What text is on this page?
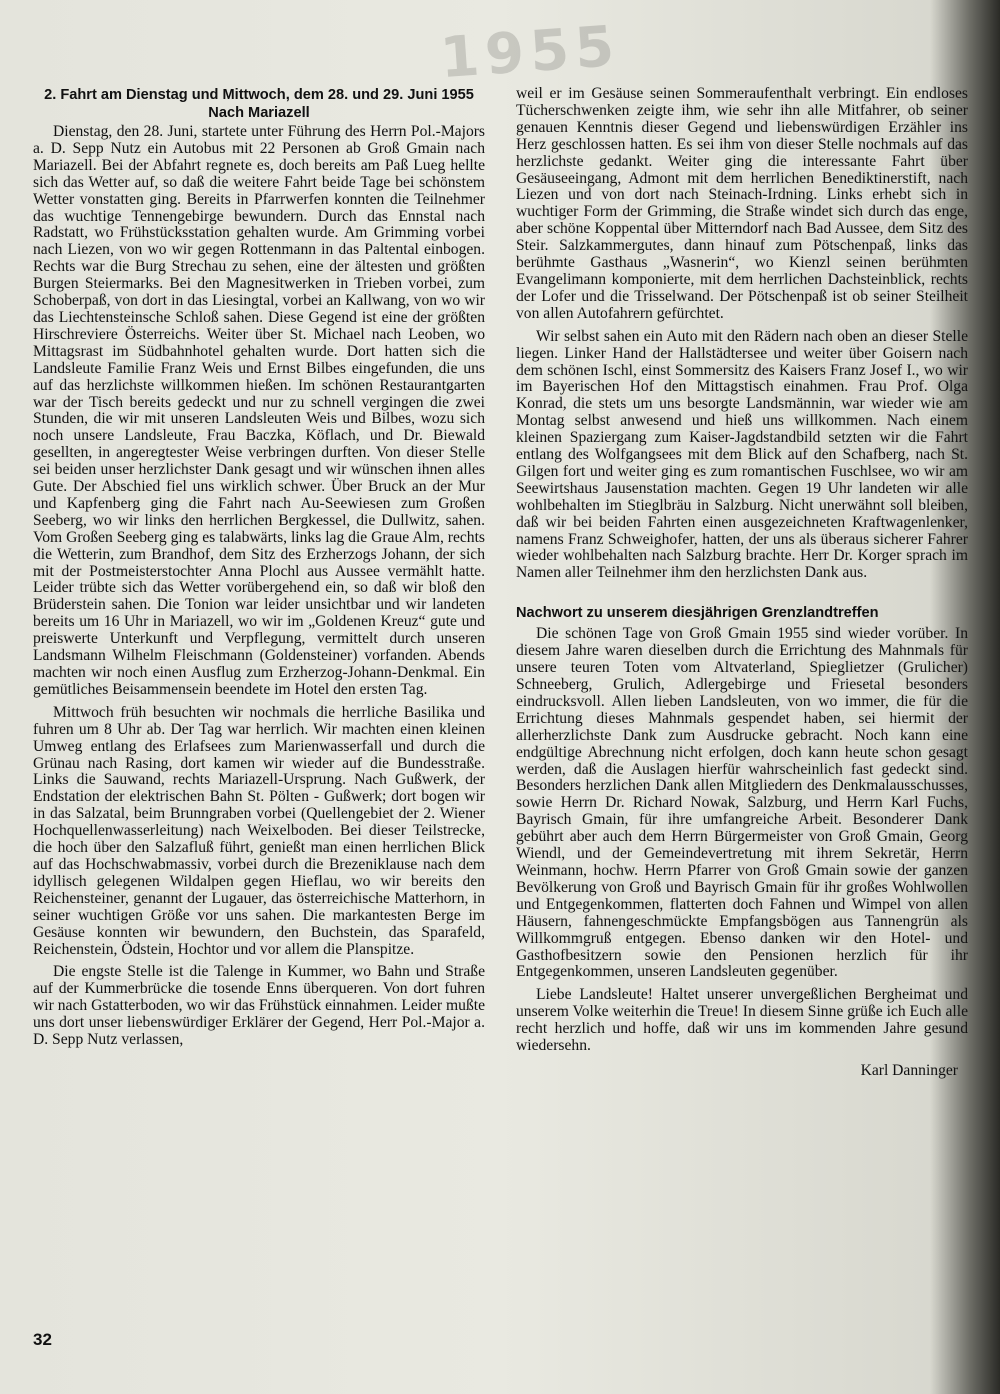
1955
2. Fahrt am Dienstag und Mittwoch, dem 28. und 29. Juni 1955 Nach Mariazell

Dienstag, den 28. Juni, startete unter Führung des Herrn Pol.-Majors a. D. Sepp Nutz ein Autobus mit 22 Personen ab Groß Gmain nach Mariazell. Bei der Abfahrt regnete es, doch bereits am Paß Lueg hellte sich das Wetter auf, so daß die weitere Fahrt beide Tage bei schönstem Wetter vonstatten ging. Bereits in Pfarrwerfen konnten die Teilnehmer das wuchtige Tennengebirge bewundern. Durch das Ennstal nach Radstatt, wo Frühstücksstation gehalten wurde. Am Grimming vorbei nach Liezen, von wo wir gegen Rottenmann in das Paltental einbogen. Rechts war die Burg Strechau zu sehen, eine der ältesten und größten Burgen Steiermarks. Bei den Magnesitwerken in Trieben vorbei, zum Schoberpaß, von dort in das Liesingtal, vorbei an Kallwang, von wo wir das Liechtensteinsche Schloß sahen. Diese Gegend ist eine der größten Hirschreviere Österreichs. Weiter über St. Michael nach Leoben, wo Mittagsrast im Südbahnhotel gehalten wurde. Dort hatten sich die Landsleute Familie Franz Weis und Ernst Bilbes eingefunden, die uns auf das herzlichste willkommen hießen. Im schönen Restaurantgarten war der Tisch bereits gedeckt und nur zu schnell vergingen die zwei Stunden, die wir mit unseren Landsleuten Weis und Bilbes, wozu sich noch unsere Landsleute, Frau Baczka, Köflach, und Dr. Biewald gesellten, in angeregtester Weise verbringen durften. Von dieser Stelle sei beiden unser herzlichster Dank gesagt und wir wünschen ihnen alles Gute. Der Abschied fiel uns wirklich schwer. Über Bruck an der Mur und Kapfenberg ging die Fahrt nach Au-Seewiesen zum Großen Seeberg, wo wir links den herrlichen Bergkessel, die Dullwitz, sahen. Vom Großen Seeberg ging es talabwärts, links lag die Graue Alm, rechts die Wetterin, zum Brandhof, dem Sitz des Erzherzogs Johann, der sich mit der Postmeisterstochter Anna Plochl aus Aussee vermählt hatte. Leider trübte sich das Wetter vorübergehend ein, so daß wir bloß den Brüderstein sahen. Die Tonion war leider unsichtbar und wir landeten bereits um 16 Uhr in Mariazell, wo wir im „Goldenen Kreuz“ gute und preiswerte Unterkunft und Verpflegung, vermittelt durch unseren Landsmann Wilhelm Fleischmann (Goldensteiner) vorfanden. Abends machten wir noch einen Ausflug zum Erzherzog-Johann-Denkmal. Ein gemütliches Beisammensein beendete im Hotel den ersten Tag.

Mittwoch früh besuchten wir nochmals die herrliche Basilika und fuhren um 8 Uhr ab. Der Tag war herrlich. Wir machten einen kleinen Umweg entlang des Erlafsees zum Marienwasserfall und durch die Grünau nach Rasing, dort kamen wir wieder auf die Bundesstraße. Links die Sauwand, rechts Mariazell-Ursprung. Nach Gußwerk, der Endstation der elektrischen Bahn St. Pölten - Gußwerk; dort bogen wir in das Salzatal, beim Brunngraben vorbei (Quellengebiet der 2. Wiener Hochquellenwasserleitung) nach Weixelboden. Bei dieser Teilstrecke, die hoch über den Salzafluß führt, genießt man einen herrlichen Blick auf das Hochschwabmassiv, vorbei durch die Brezeniklause nach dem idyllisch gelegenen Wildalpen gegen Hieflau, wo wir bereits den Reichensteiner, genannt der Lugauer, das österreichische Matterhorn, in seiner wuchtigen Größe vor uns sahen. Die markantesten Berge im Gesäuse konnten wir bewundern, den Buchstein, das Sparafeld, Reichenstein, Ödstein, Hochtor und vor allem die Planspitze.

Die engste Stelle ist die Talenge in Kummer, wo Bahn und Straße auf der Kummerbrücke die tosende Enns überqueren. Von dort fuhren wir nach Gstatterboden, wo wir das Frühstück einnahmen. Leider mußte uns dort unser liebenswürdiger Erklärer der Gegend, Herr Pol.-Major a. D. Sepp Nutz verlassen,

weil er im Gesäuse seinen Sommeraufenthalt verbringt. Ein endloses Tücherschwenken zeigte ihm, wie sehr ihn alle Mitfahrer, ob seiner genauen Kenntnis dieser Gegend und liebenswürdigen Erzähler ins Herz geschlossen hatten. Es sei ihm von dieser Stelle nochmals auf das herzlichste gedankt. Weiter ging die interessante Fahrt über Gesäuseeingang, Admont mit dem herrlichen Benediktinerstift, nach Liezen und von dort nach Steinach-Irdning. Links erhebt sich in wuchtiger Form der Grimming, die Straße windet sich durch das enge, aber schöne Koppental über Mitterndorf nach Bad Aussee, dem Sitz des Steir. Salzkammergutes, dann hinauf zum Pötschenpaß, links das berühmte Gasthaus „Wasnerin“, wo Kienzl seinen berühmten Evangelimann komponierte, mit dem herrlichen Dachsteinblick, rechts der Lofer und die Trisselwand. Der Pötschenpaß ist ob seiner Steilheit von allen Autofahrern gefürchtet.

Wir selbst sahen ein Auto mit den Rädern nach oben an dieser Stelle liegen. Linker Hand der Hallstädtersee und weiter über Goisern nach dem schönen Ischl, einst Sommersitz des Kaisers Franz Josef I., wo wir im Bayerischen Hof den Mittagstisch einahmen. Frau Prof. Olga Konrad, die stets um uns besorgte Landsmännin, war wieder wie am Montag selbst anwesend und hieß uns willkommen. Nach einem kleinen Spaziergang zum Kaiser-Jagdstandbild setzten wir die Fahrt entlang des Wolfgangsees mit dem Blick auf den Schafberg, nach St. Gilgen fort und weiter ging es zum romantischen Fuschlsee, wo wir am Seewirtshaus Jausenstation machten. Gegen 19 Uhr landeten wir alle wohlbehalten im Stieglbräu in Salzburg. Nicht unerwähnt soll bleiben, daß wir bei beiden Fahrten einen ausgezeichneten Kraftwagenlenker, namens Franz Schweighofer, hatten, der uns als überaus sicherer Fahrer wieder wohlbehalten nach Salzburg brachte. Herr Dr. Korger sprach im Namen aller Teilnehmer ihm den herzlichsten Dank aus.

Nachwort zu unserem diesjährigen Grenzlandtreffen

Die schönen Tage von Groß Gmain 1955 sind wieder vorüber. In diesem Jahre waren dieselben durch die Errichtung des Mahnmals für unsere teuren Toten vom Altvaterland, Spieglietzer (Grulicher) Schneeberg, Grulich, Adlergebirge und Friesetal besonders eindrucksvoll. Allen lieben Landsleuten, von wo immer, die für die Errichtung dieses Mahnmals gespendet haben, sei hiermit der allerherzlichste Dank zum Ausdrucke gebracht. Noch kann eine endgültige Abrechnung nicht erfolgen, doch kann heute schon gesagt werden, daß die Auslagen hierfür wahrscheinlich fast gedeckt sind. Besonders herzlichen Dank allen Mitgliedern des Denkmalausschusses, sowie Herrn Dr. Richard Nowak, Salzburg, und Herrn Karl Fuchs, Bayrisch Gmain, für ihre umfangreiche Arbeit. Besonderer Dank gebührt aber auch dem Herrn Bürgermeister von Groß Gmain, Georg Wiendl, und der Gemeindevertretung mit ihrem Sekretär, Herrn Weinmann, hochw. Herrn Pfarrer von Groß Gmain sowie der ganzen Bevölkerung von Groß und Bayrisch Gmain für ihr großes Wohlwollen und Entgegenkommen, flatterten doch Fahnen und Wimpel von allen Häusern, fahnengeschmückte Empfangsbögen aus Tannengrün als Willkommgruß entgegen. Ebenso danken wir den Hotel- und Gasthofbesitzern sowie den Pensionen herzlich für ihr Entgegenkommen, unseren Landsleuten gegenüber.

Liebe Landsleute! Haltet unserer unvergeßlichen Bergheimat und unserem Volke weiterhin die Treue! In diesem Sinne grüße ich Euch alle recht herzlich und hoffe, daß wir uns im kommenden Jahre gesund wiedersehn.

Karl Danninger
32
